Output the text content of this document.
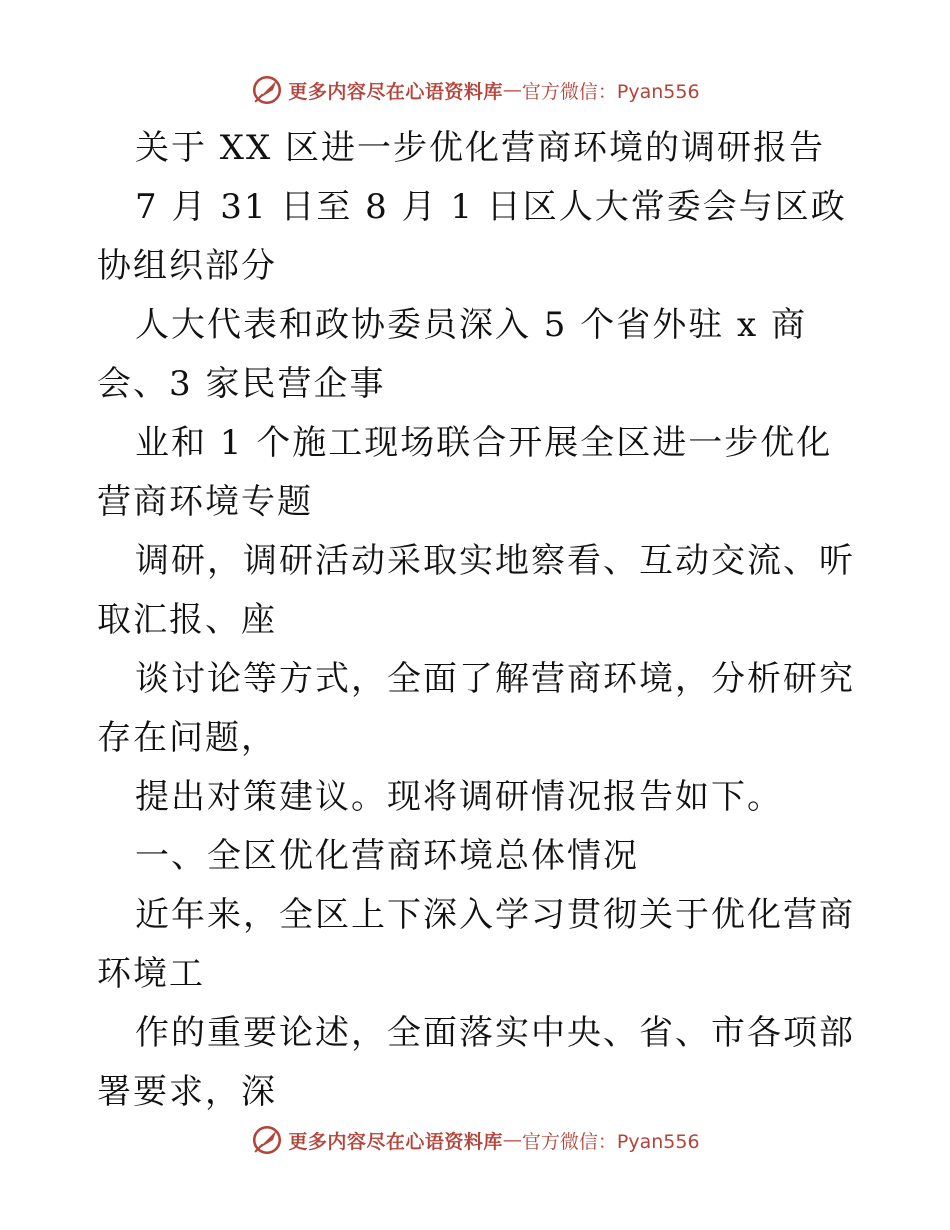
更多内容尽在心语资料库 — 官方微信：Pyan556

关于 XX 区进一步优化营商环境的调研报告

7 月 31 日至 8 月 1 日区人大常委会与区政协组织部分

人大代表和政协委员深入 5 个省外驻 x 商会、3 家民营企事

业和 1 个施工现场联合开展全区进一步优化营商环境专题

调研，调研活动采取实地察看、互动交流、听取汇报、座

谈讨论等方式，全面了解营商环境，分析研究存在问题，

提出对策建议。现将调研情况报告如下。

一、全区优化营商环境总体情况

近年来，全区上下深入学习贯彻关于优化营商环境工

作的重要论述，全面落实中央、省、市各项部署要求，深

更多内容尽在心语资料库 — 官方微信：Pyan556
